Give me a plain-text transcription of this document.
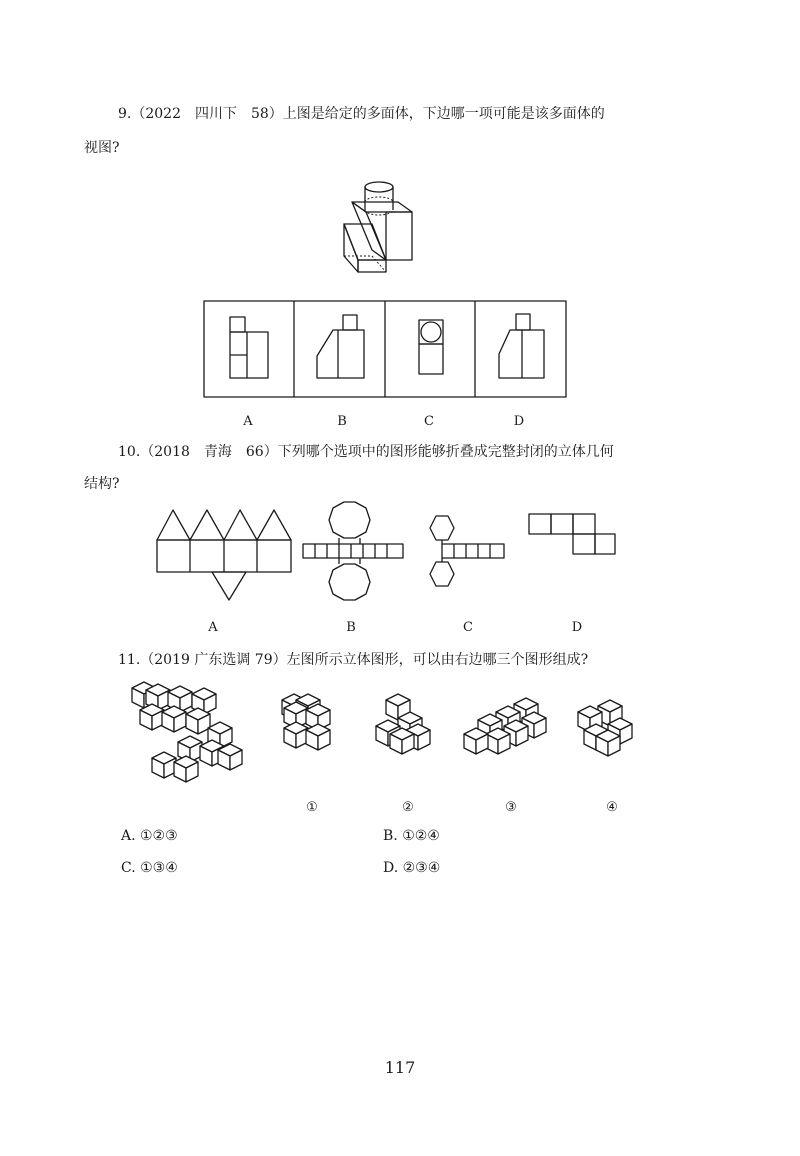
9.（2022　四川下　58）上图是给定的多面体，下边哪一项可能是该多面体的
视图?
A	B	C	D
10.（2018　青海　66）下列哪个选项中的图形能够折叠成完整封闭的立体几何
结构?
A	B	C	D
11.（2019 广东选调 79）左图所示立体图形，可以由右边哪三个图形组成?
①	②	③	④
A. ①②③	B. ①②④
C. ①③④	D. ②③④
117
